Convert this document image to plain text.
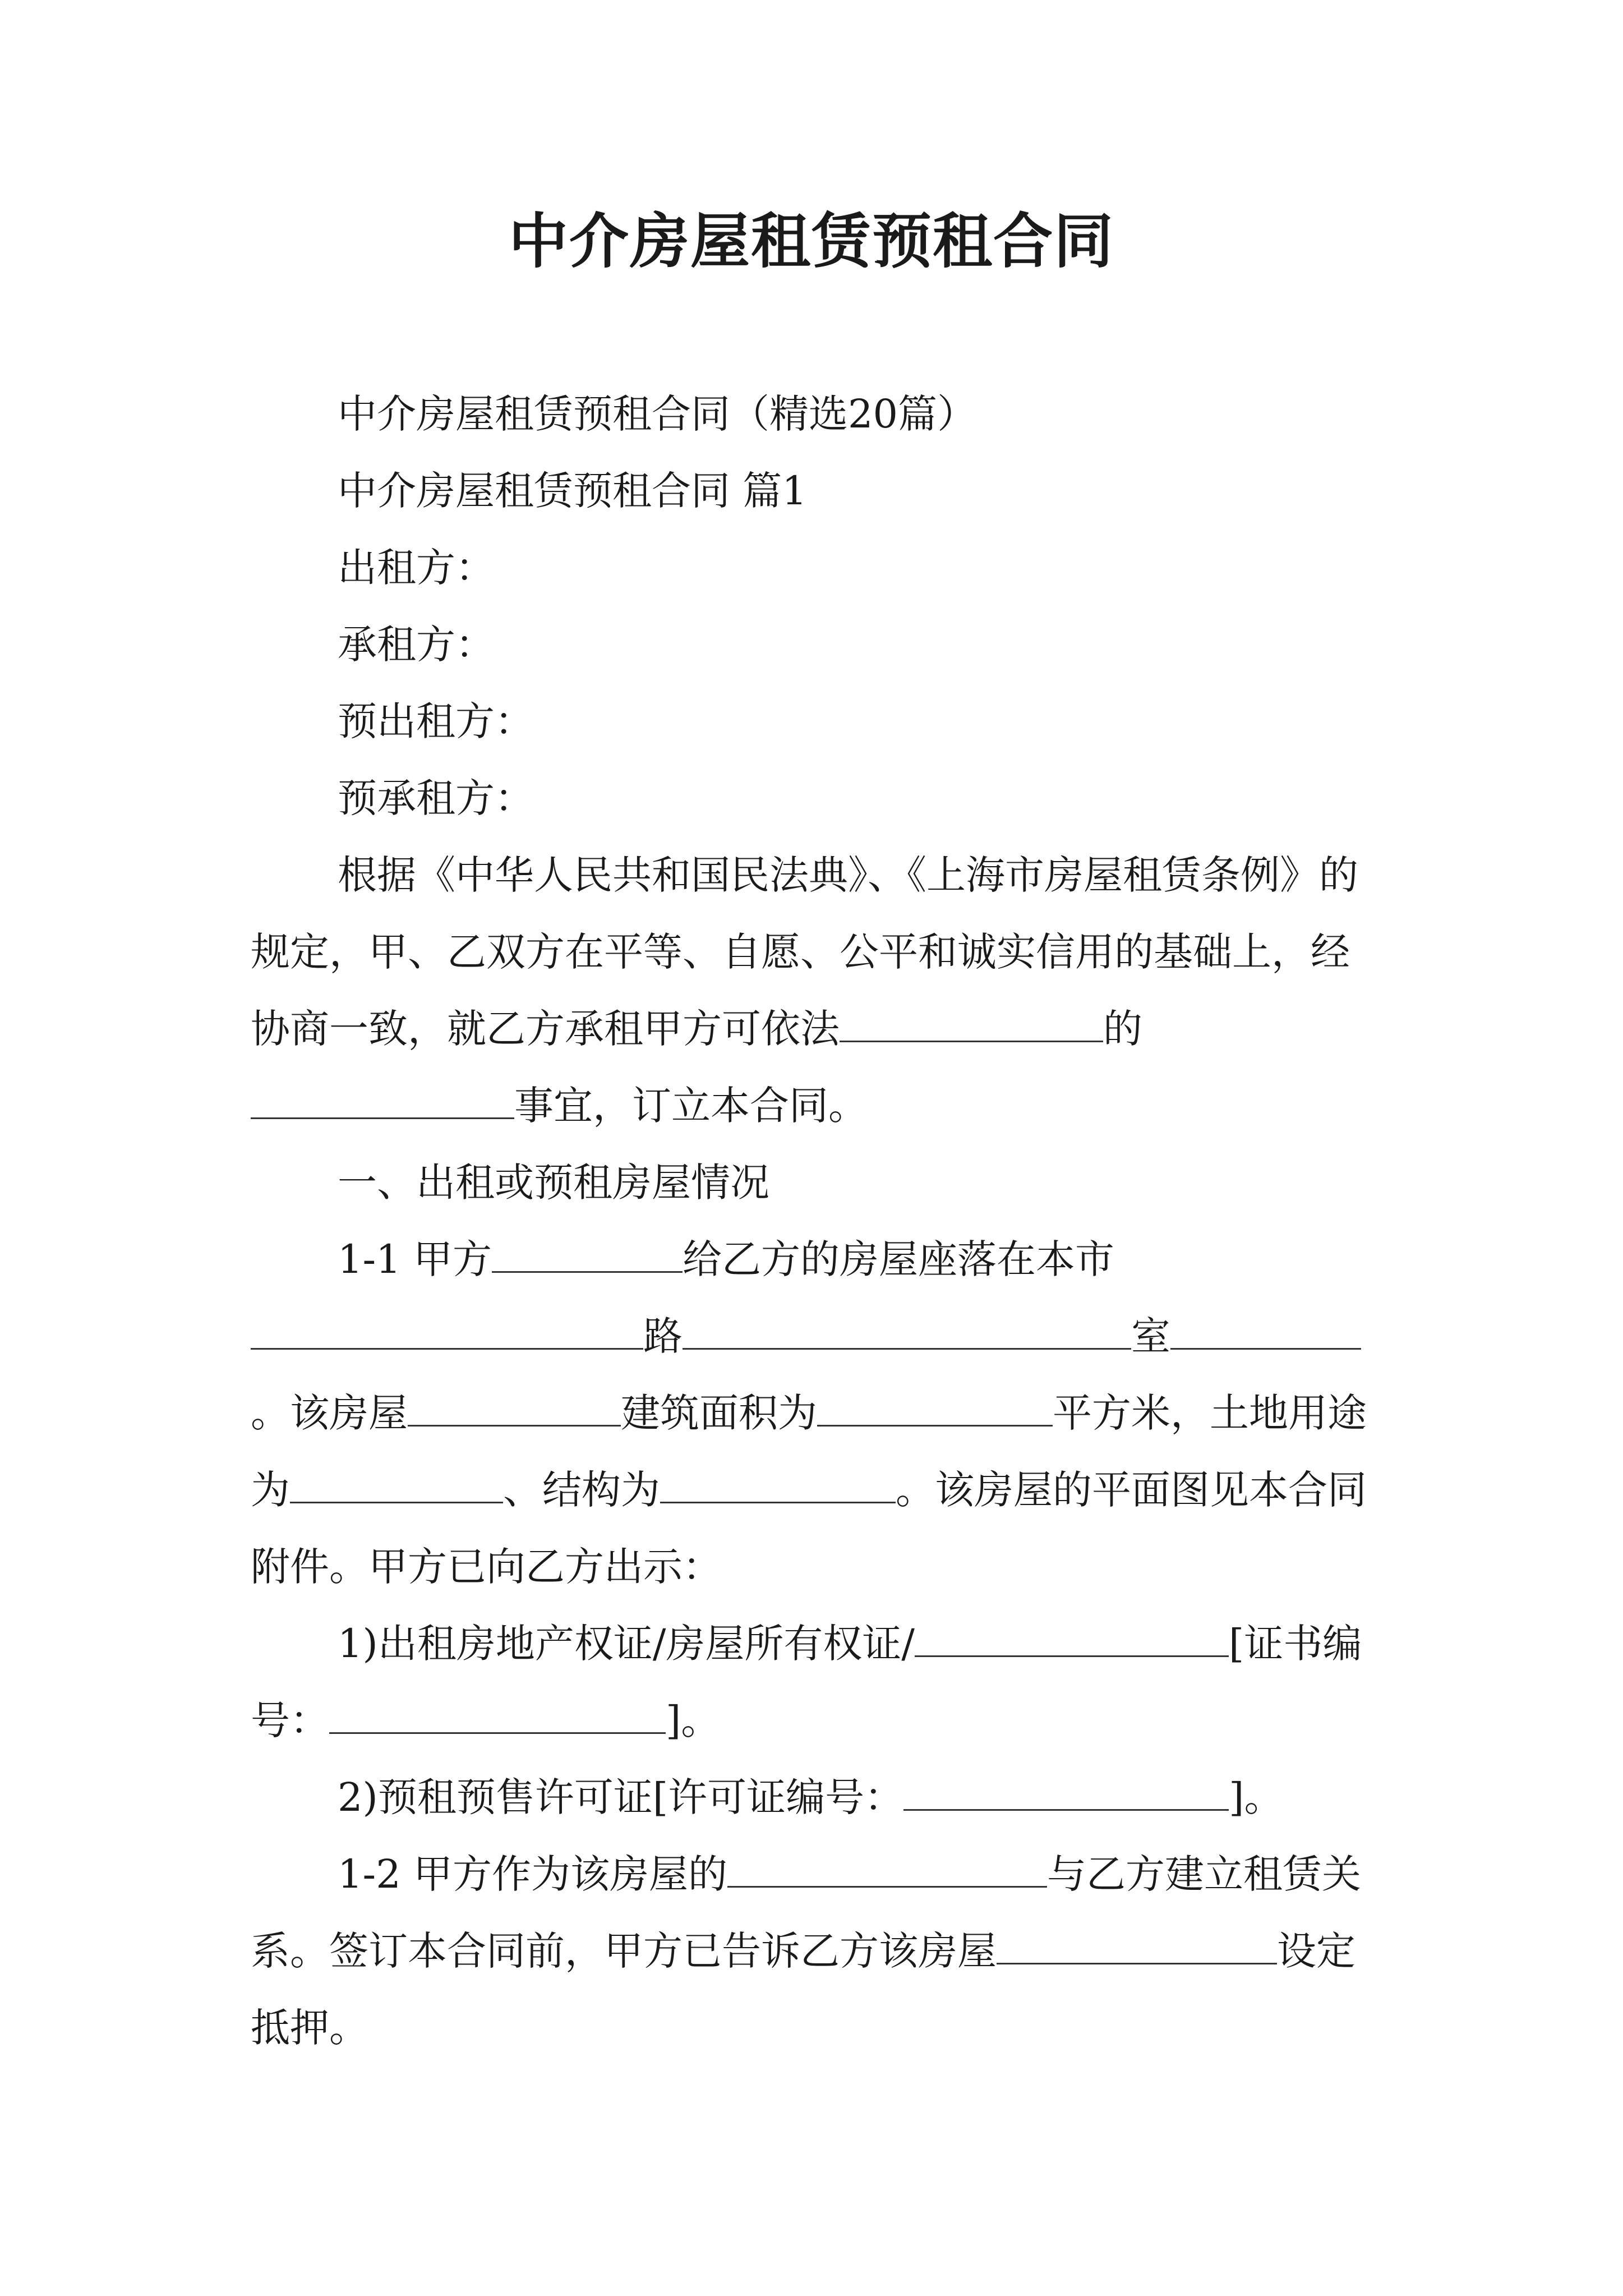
中介房屋租赁预租合同

中介房屋租赁预租合同（精选20篇）

中介房屋租赁预租合同 篇1

出租方：

承租方：

预出租方：

预承租方：

根据《中华人民共和国民法典》、《上海市房屋租赁条例》的规定，甲、乙双方在平等、自愿、公平和诚实信用的基础上，经协商一致，就乙方承租甲方可依法	的事宜，订立本合同。

一、出租或预租房屋情况

1-1 甲方	给乙方的房屋座落在本市路	室。该房屋	建筑面积为	平方米，土地用途为	、结构为	。该房屋的平面图见本合同附件。甲方已向乙方出示：

1)出租房地产权证/房屋所有权证/	[证书编号：	]。

2)预租预售许可证[许可证编号：	]。

1-2 甲方作为该房屋的	与乙方建立租赁关系。签订本合同前，甲方已告诉乙方该房屋	设定抵押。
